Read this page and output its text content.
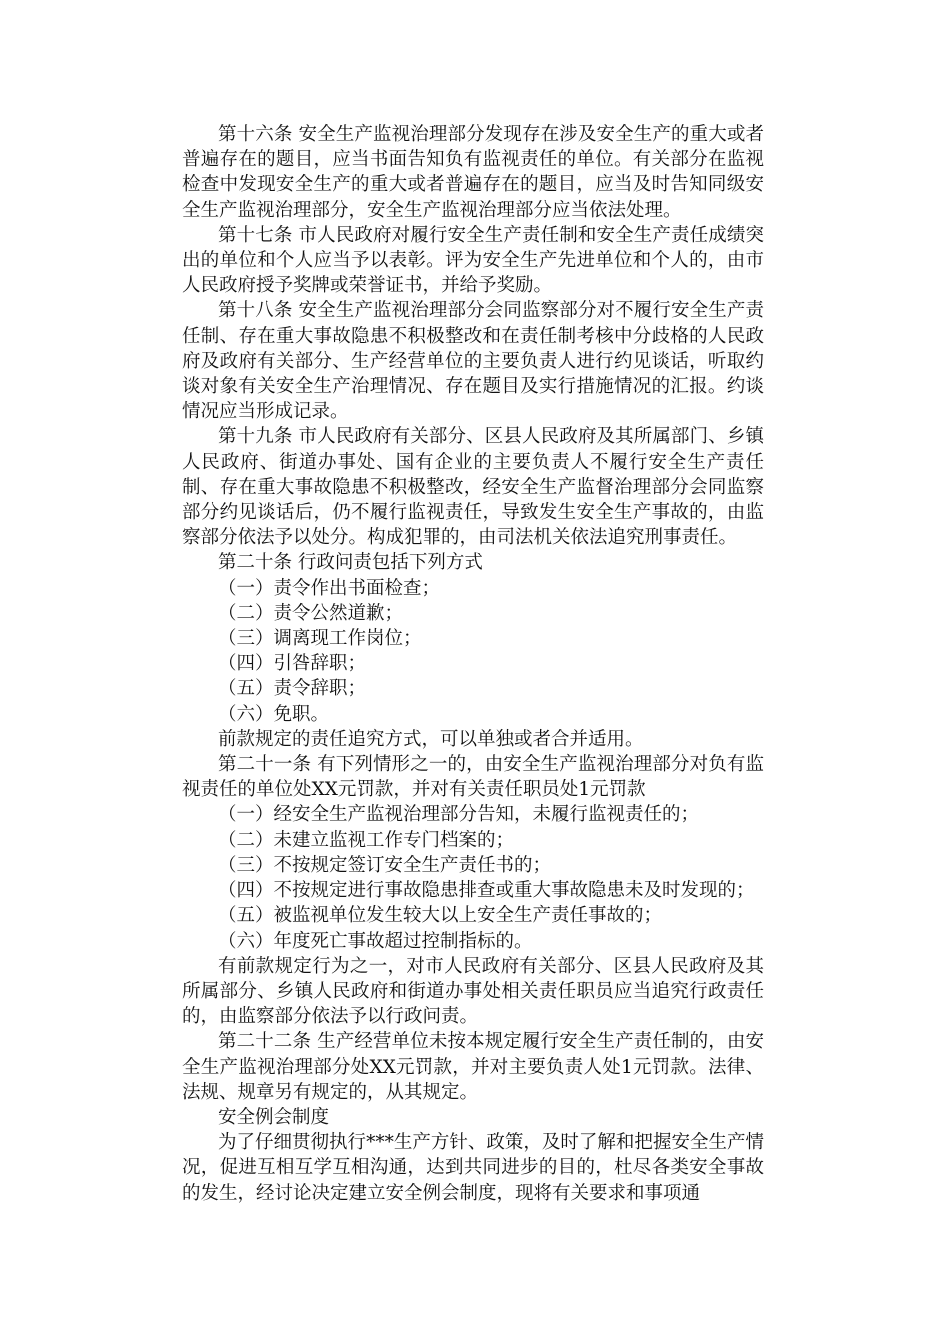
第十六条 安全生产监视治理部分发现存在涉及安全生产的重大或者普遍存在的题目，应当书面告知负有监视责任的单位。有关部分在监视检查中发现安全生产的重大或者普遍存在的题目，应当及时告知同级安全生产监视治理部分，安全生产监视治理部分应当依法处理。

第十七条 市人民政府对履行安全生产责任制和安全生产责任成绩突出的单位和个人应当予以表彰。评为安全生产先进单位和个人的，由市人民政府授予奖牌或荣誉证书，并给予奖励。

第十八条 安全生产监视治理部分会同监察部分对不履行安全生产责任制、存在重大事故隐患不积极整改和在责任制考核中分歧格的人民政府及政府有关部分、生产经营单位的主要负责人进行约见谈话，听取约谈对象有关安全生产治理情况、存在题目及实行措施情况的汇报。约谈情况应当形成记录。

第十九条 市人民政府有关部分、区县人民政府及其所属部门、乡镇人民政府、街道办事处、国有企业的主要负责人不履行安全生产责任制、存在重大事故隐患不积极整改，经安全生产监督治理部分会同监察部分约见谈话后，仍不履行监视责任，导致发生安全生产事故的，由监察部分依法予以处分。构成犯罪的，由司法机关依法追究刑事责任。

第二十条 行政问责包括下列方式

（一）责令作出书面检查；

（二）责令公然道歉；

（三）调离现工作岗位；

（四）引咎辞职；

（五）责令辞职；

（六）免职。

前款规定的责任追究方式，可以单独或者合并适用。

第二十一条 有下列情形之一的，由安全生产监视治理部分对负有监视责任的单位处XX元罚款，并对有关责任职员处1元罚款

（一）经安全生产监视治理部分告知，未履行监视责任的；

（二）未建立监视工作专门档案的；

（三）不按规定签订安全生产责任书的；

（四）不按规定进行事故隐患排查或重大事故隐患未及时发现的；

（五）被监视单位发生较大以上安全生产责任事故的；

（六）年度死亡事故超过控制指标的。

有前款规定行为之一，对市人民政府有关部分、区县人民政府及其所属部分、乡镇人民政府和街道办事处相关责任职员应当追究行政责任的，由监察部分依法予以行政问责。

第二十二条 生产经营单位未按本规定履行安全生产责任制的，由安全生产监视治理部分处XX元罚款，并对主要负责人处1元罚款。法律、法规、规章另有规定的，从其规定。

安全例会制度

为了仔细贯彻执行***生产方针、政策，及时了解和把握安全生产情况，促进互相互学互相沟通，达到共同进步的目的，杜尽各类安全事故的发生，经讨论决定建立安全例会制度，现将有关要求和事项通
